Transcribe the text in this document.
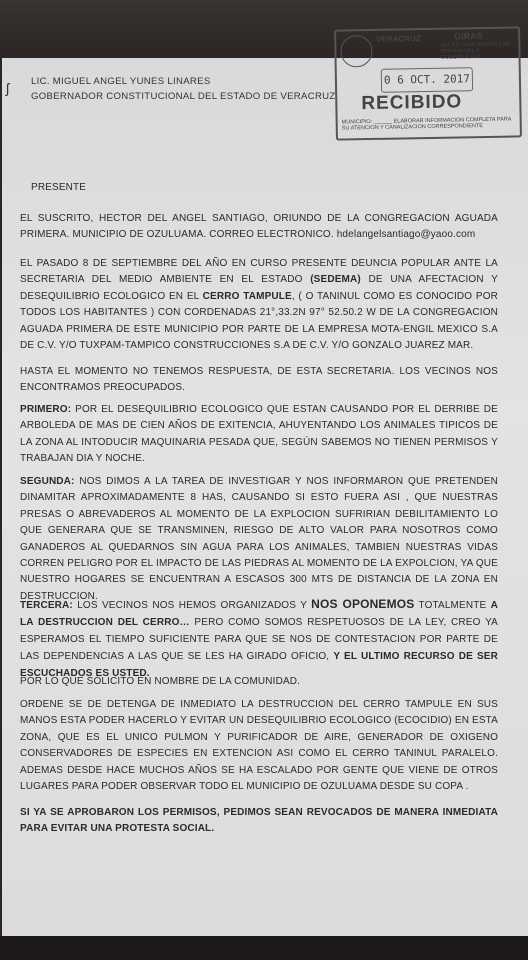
ʃ
VERACRUZ	GIRAS
SECRETARIA PARTICULAR OFICINA DEL C. GOBERNADOR
0 6 OCT. 2017
RECIBIDO
MUNICIPIO: ______ ELABORAR INFORMACION COMPLETA PARA SU ATENCION Y CANALIZACION CORRESPONDIENTE
LIC. MIGUEL ANGEL YUNES LINARES
GOBERNADOR CONSTITUCIONAL DEL ESTADO DE VERACRUZ
PRESENTE
EL SUSCRITO, HECTOR DEL ANGEL SANTIAGO, ORIUNDO DE LA CONGREGACION AGUADA PRIMERA. MUNICIPIO DE OZULUAMA. CORREO ELECTRONICO. hdelangelsantiago@yaoo.com
EL PASADO 8 DE SEPTIEMBRE DEL AÑO EN CURSO PRESENTE DEUNCIA POPULAR ANTE LA SECRETARIA DEL MEDIO AMBIENTE EN EL ESTADO (SEDEMA) DE UNA AFECTACION Y DESEQUILIBRIO ECOLOGICO EN EL CERRO TAMPULE, ( O TANINUL COMO ES CONOCIDO POR TODOS LOS HABITANTES ) CON CORDENADAS 21°,33.2N 97° 52.50.2 W DE LA CONGREGACION AGUADA PRIMERA DE ESTE MUNICIPIO POR PARTE DE LA EMPRESA MOTA-ENGIL MEXICO S.A DE C.V. Y/O TUXPAM-TAMPICO CONSTRUCCIONES S.A DE C.V. Y/O GONZALO JUAREZ MAR.
HASTA EL MOMENTO NO TENEMOS RESPUESTA, DE ESTA SECRETARIA. LOS VECINOS NOS ENCONTRAMOS PREOCUPADOS.
PRIMERO: POR EL DESEQUILIBRIO ECOLOGICO QUE ESTAN CAUSANDO POR EL DERRIBE DE ARBOLEDA DE MAS DE CIEN AÑOS DE EXITENCIA, AHUYENTANDO LOS ANIMALES TIPICOS DE LA ZONA AL INTODUCIR MAQUINARIA PESADA QUE, SEGÚN SABEMOS NO TIENEN PERMISOS Y TRABAJAN DIA Y NOCHE.
SEGUNDA: NOS DIMOS A LA TAREA DE INVESTIGAR Y NOS INFORMARON QUE PRETENDEN DINAMITAR APROXIMADAMENTE 8 HAS, CAUSANDO SI ESTO FUERA ASI , QUE NUESTRAS PRESAS O ABREVADEROS AL MOMENTO DE LA EXPLOCION SUFRIRIAN DEBILITAMIENTO LO QUE GENERARA QUE SE TRANSMINEN, RIESGO DE ALTO VALOR PARA NOSOTROS COMO GANADEROS AL QUEDARNOS SIN AGUA PARA LOS ANIMALES, TAMBIEN NUESTRAS VIDAS CORREN PELIGRO POR EL IMPACTO DE LAS PIEDRAS AL MOMENTO DE LA EXPOLCION, YA QUE NUESTRO HOGARES SE ENCUENTRAN A ESCASOS 300 MTS DE DISTANCIA DE LA ZONA EN DESTRUCCION.
TERCERA: LOS VECINOS NOS HEMOS ORGANIZADOS Y NOS OPONEMOS TOTALMENTE A LA DESTRUCCION DEL CERRO… PERO COMO SOMOS RESPETUOSOS DE LA LEY, CREO YA ESPERAMOS EL TIEMPO SUFICIENTE PARA QUE SE NOS DE CONTESTACION POR PARTE DE LAS DEPENDENCIAS A LAS QUE SE LES HA GIRADO OFICIO, Y EL ULTIMO RECURSO DE SER ESCUCHADOS ES USTED.
POR LO QUE SOLICITO EN NOMBRE DE LA COMUNIDAD.
ORDENE SE DE DETENGA DE INMEDIATO LA DESTRUCCION DEL CERRO TAMPULE EN SUS MANOS ESTA PODER HACERLO Y EVITAR UN DESEQUILIBRIO ECOLOGICO (ECOCIDIO) EN ESTA ZONA, QUE ES EL UNICO PULMON Y PURIFICADOR DE AIRE, GENERADOR DE OXIGENO CONSERVADORES DE ESPECIES EN EXTENCION ASI COMO EL CERRO TANINUL PARALELO. ADEMAS DESDE HACE MUCHOS AÑOS SE HA ESCALADO POR GENTE QUE VIENE DE OTROS LUGARES PARA PODER OBSERVAR TODO EL MUNICIPIO DE OZULUAMA DESDE SU COPA .
SI YA SE APROBARON LOS PERMISOS, PEDIMOS SEAN REVOCADOS DE MANERA INMEDIATA PARA EVITAR UNA PROTESTA SOCIAL.
